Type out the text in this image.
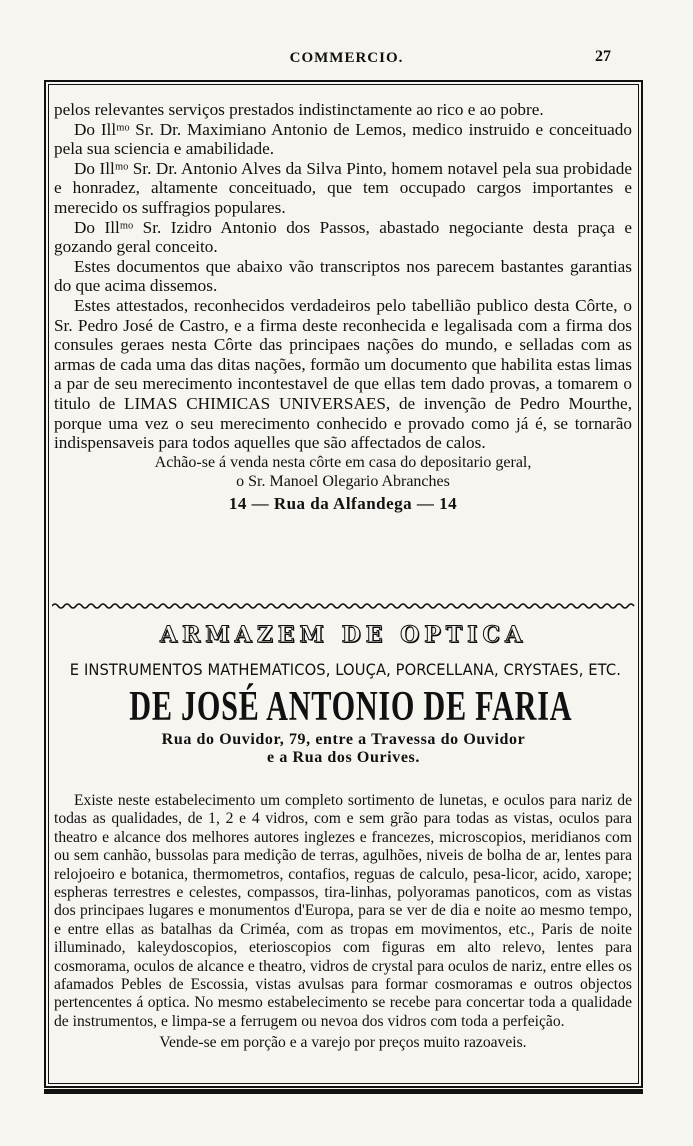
COMMERCIO.	27

pelos relevantes serviços prestados indistinctamente ao rico e ao pobre.

Do Illᵐᵒ Sr. Dr. Maximiano Antonio de Lemos, medico instruido e conceituado pela sua sciencia e amabilidade.

Do Illᵐᵒ Sr. Dr. Antonio Alves da Silva Pinto, homem notavel pela sua probidade e honradez, altamente conceituado, que tem occupado cargos importantes e merecido os suffragios populares.

Do Illᵐᵒ Sr. Izidro Antonio dos Passos, abastado negociante desta praça e gozando geral conceito.

Estes documentos que abaixo vão transcriptos nos parecem bastantes garantias do que acima dissemos.

Estes attestados, reconhecidos verdadeiros pelo tabellião publico desta Côrte, o Sr. Pedro José de Castro, e a firma deste reconhecida e legalisada com a firma dos consules geraes nesta Côrte das principaes nações do mundo, e selladas com as armas de cada uma das ditas nações, formão um documento que habilita estas limas a par de seu merecimento incontestavel de que ellas tem dado provas, a tomarem o titulo de LIMAS CHIMICAS UNIVERSAES, de invenção de Pedro Mourthe, porque uma vez o seu merecimento conhecido e provado como já é, se tornarão indispensaveis para todos aquelles que são affectados de calos.

Achão-se á venda nesta côrte em casa do depositario geral,
o Sr. Manoel Olegario Abranches
14 — Rua da Alfandega — 14
ARMAZEM DE OPTICA
E INSTRUMENTOS MATHEMATICOS, LOUÇA, PORCELLANA, CRYSTAES, ETC.
DE JOSÉ ANTONIO DE FARIA
Rua do Ouvidor, 79, entre a Travessa do Ouvidor
e a Rua dos Ourives.

Existe neste estabelecimento um completo sortimento de lunetas, e oculos para nariz de todas as qualidades, de 1, 2 e 4 vidros, com e sem grão para todas as vistas, oculos para theatro e alcance dos melhores autores inglezes e francezes, microscopios, meridianos com ou sem canhão, bussolas para medição de terras, agulhões, niveis de bolha de ar, lentes para relojoeiro e botanica, thermometros, contafios, reguas de calculo, pesa-licor, acido, xarope; espheras terrestres e celestes, compassos, tira-linhas, polyoramas panoticos, com as vistas dos principaes lugares e monumentos d'Europa, para se ver de dia e noite ao mesmo tempo, e entre ellas as batalhas da Criméa, com as tropas em movimentos, etc., Paris de noite illuminado, kaleydoscopios, eterioscopios com figuras em alto relevo, lentes para cosmorama, oculos de alcance e theatro, vidros de crystal para oculos de nariz, entre elles os afamados Pebles de Escossia, vistas avulsas para formar cosmoramas e outros objectos pertencentes á optica. No mesmo estabelecimento se recebe para concertar toda a qualidade de instrumentos, e limpa-se a ferrugem ou nevoa dos vidros com toda a perfeição.

Vende-se em porção e a varejo por preços muito razoaveis.
